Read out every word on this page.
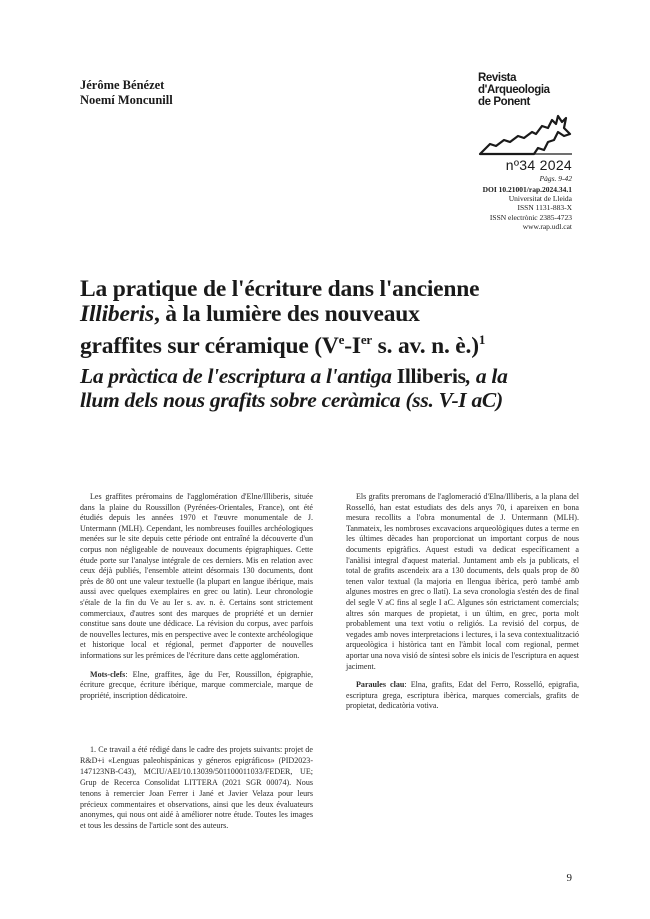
Jérôme Bénézet
Noemí Moncunill
Revista
d'Arqueologia
de Ponent
nº34 2024
Pàgs. 9-42
DOI 10.21001/rap.2024.34.1
Universitat de Lleida
ISSN 1131-883-X
ISSN electrònic 2385-4723
www.rap.udl.cat
La pratique de l'écriture dans l'ancienne
Illiberis, à la lumière des nouveaux
graffites sur céramique (Ve-Ier s. av. n. è.)$^1$
La pràctica de l'escriptura a l'antiga Illiberis, a la
llum dels nous grafits sobre ceràmica (ss. V-I aC)

Les graffites préromains de l'agglomération d'Elne/Illiberis, située dans la plaine du Roussillon (Pyrénées-Orientales, France), ont été étudiés depuis les années 1970 et l'œuvre monumentale de J. Untermann (MLH). Cependant, les nombreuses fouilles archéologiques menées sur le site depuis cette période ont entraîné la découverte d'un corpus non négligeable de nouveaux documents épigraphiques. Cette étude porte sur l'analyse intégrale de ces derniers. Mis en relation avec ceux déjà publiés, l'ensemble atteint désormais 130 documents, dont près de 80 ont une valeur textuelle (la plupart en langue ibérique, mais aussi avec quelques exemplaires en grec ou latin). Leur chronologie s'étale de la fin du Ve au Ier s. av. n. è. Certains sont strictement commerciaux, d'autres sont des marques de propriété et un dernier constitue sans doute une dédicace. La révision du corpus, avec parfois de nouvelles lectures, mis en perspective avec le contexte archéologique et historique local et régional, permet d'apporter de nouvelles informations sur les prémices de l'écriture dans cette agglomération.

Mots-clefs: Elne, graffites, âge du Fer, Roussillon, épigraphie, écriture grecque, écriture ibérique, marque commerciale, marque de propriété, inscription dédicatoire.

Els grafits preromans de l'aglomeració d'Elna/Illiberis, a la plana del Rosselló, han estat estudiats des dels anys 70, i apareixen en bona mesura recollits a l'obra monumental de J. Untermann (MLH). Tanmateix, les nombroses excavacions arqueològiques dutes a terme en les últimes dècades han proporcionat un important corpus de nous documents epigràfics. Aquest estudi va dedicat específicament a l'anàlisi integral d'aquest material. Juntament amb els ja publicats, el total de grafits ascendeix ara a 130 documents, dels quals prop de 80 tenen valor textual (la majoria en llengua ibèrica, però també amb algunes mostres en grec o llatí). La seva cronologia s'estén des de final del segle V aC fins al segle I aC. Algunes són estrictament comercials; altres són marques de propietat, i un últim, en grec, porta molt probablement una text votiu o religiós. La revisió del corpus, de vegades amb noves interpretacions i lectures, i la seva contextualització arqueològica i històrica tant en l'àmbit local com regional, permet aportar una nova visió de síntesi sobre els inicis de l'escriptura en aquest jaciment.

Paraules clau: Elna, grafits, Edat del Ferro, Rosselló, epigrafia, escriptura grega, escriptura ibèrica, marques comercials, grafits de propietat, dedicatòria votiva.

1. Ce travail a été rédigé dans le cadre des projets suivants: projet de R&D+i «Lenguas paleohispánicas y géneros epigráficos» (PID2023-147123NB-C43), MCIU/AEI/10.13039/501100011033/FEDER, UE; Grup de Recerca Consolidat LITTERA (2021 SGR 00074). Nous tenons à remercier Joan Ferrer i Jané et Javier Velaza pour leurs précieux commentaires et observations, ainsi que les deux évaluateurs anonymes, qui nous ont aidé à améliorer notre étude. Toutes les images et tous les dessins de l'article sont des auteurs.

9
